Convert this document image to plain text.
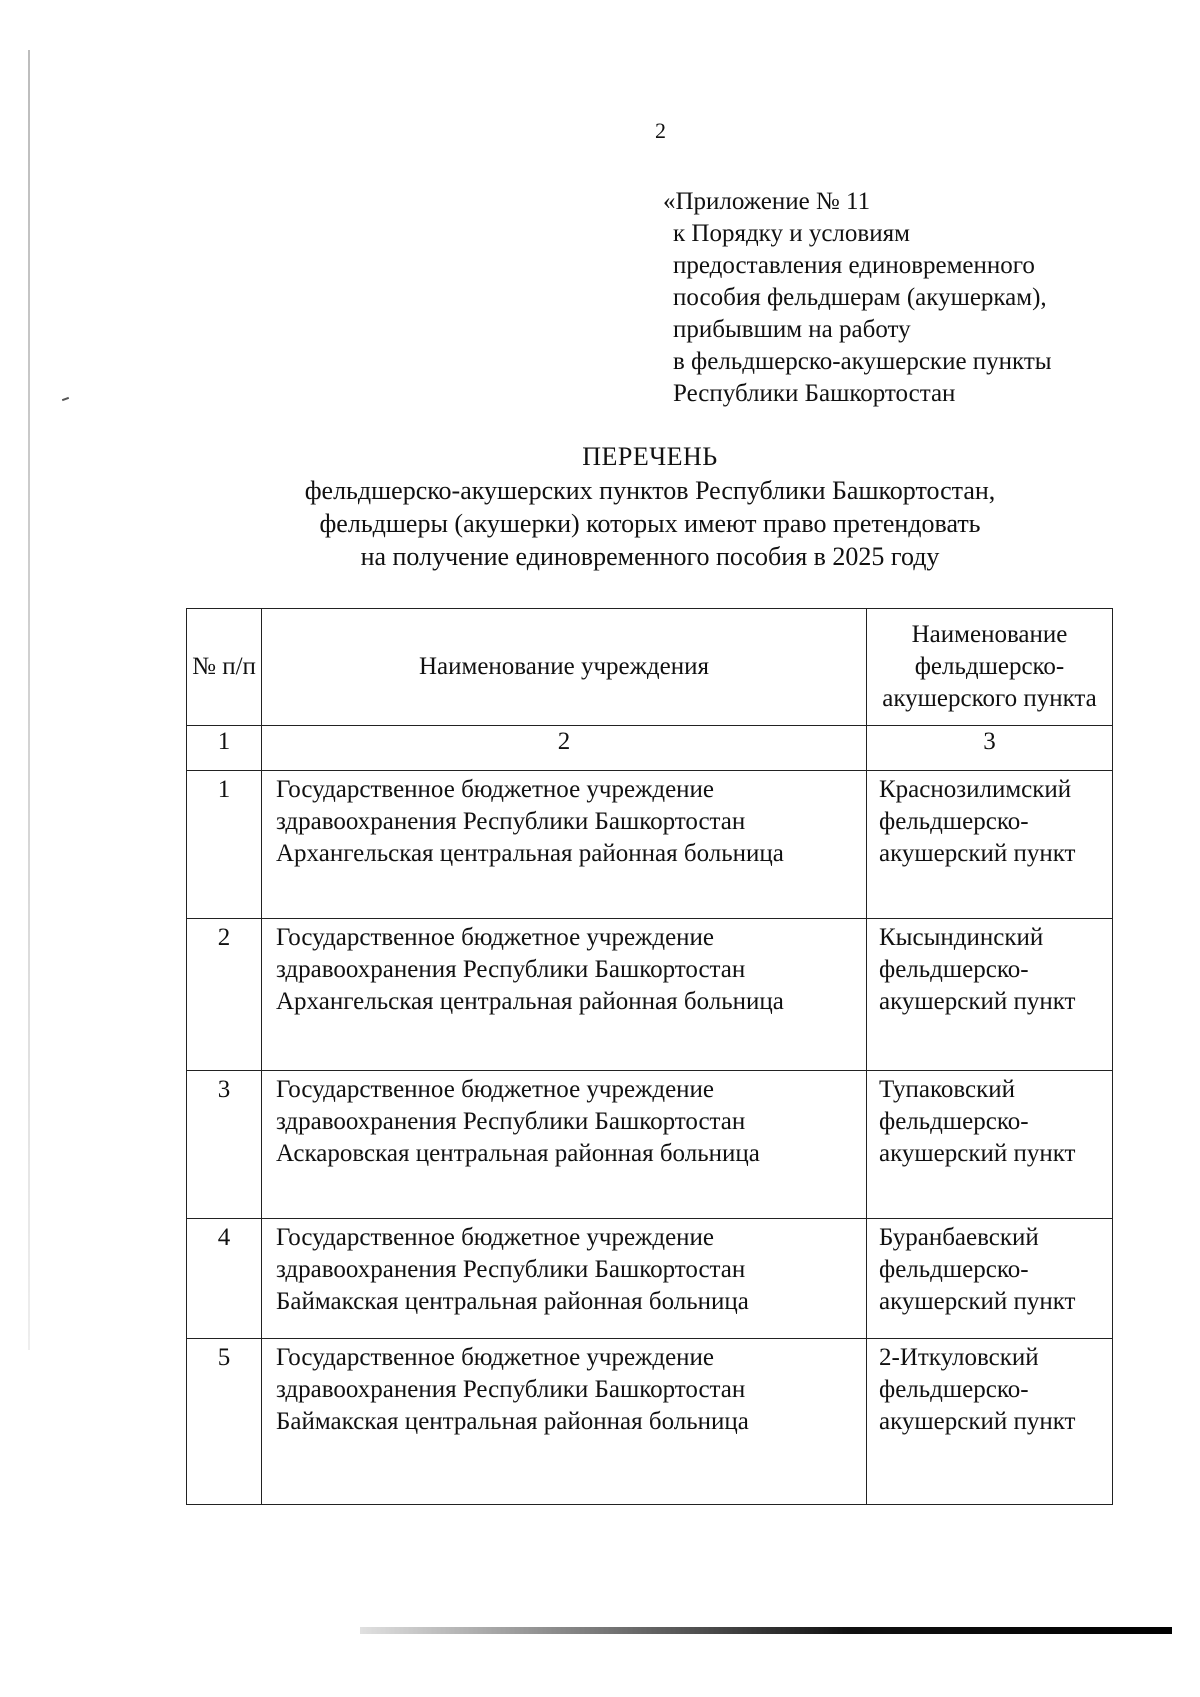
2
«Приложение № 11
к Порядку и условиям
предоставления единовременного
пособия фельдшерам (акушеркам),
прибывшим на работу
в фельдшерско-акушерские пункты
Республики Башкортостан
ПЕРЕЧЕНЬ
фельдшерско-акушерских пунктов Республики Башкортостан,
фельдшеры (акушерки) которых имеют право претендовать
на получение единовременного пособия в 2025 году
№ п/п	Наименование учреждения	Наименование фельдшерско-акушерского пункта
1	2	3
1	Государственное бюджетное учреждение здравоохранения Республики Башкортостан Архангельская центральная районная больница	Краснозилимский фельдшерско-акушерский пункт
2	Государственное бюджетное учреждение здравоохранения Республики Башкортостан Архангельская центральная районная больница	Кысындинский фельдшерско-акушерский пункт
3	Государственное бюджетное учреждение здравоохранения Республики Башкортостан Аскаровская центральная районная больница	Тупаковский фельдшерско-акушерский пункт
4	Государственное бюджетное учреждение здравоохранения Республики Башкортостан Баймакская центральная районная больница	Буранбаевский фельдшерско-акушерский пункт
5	Государственное бюджетное учреждение здравоохранения Республики Башкортостан Баймакская центральная районная больница	2-Иткуловский фельдшерско-акушерский пункт
